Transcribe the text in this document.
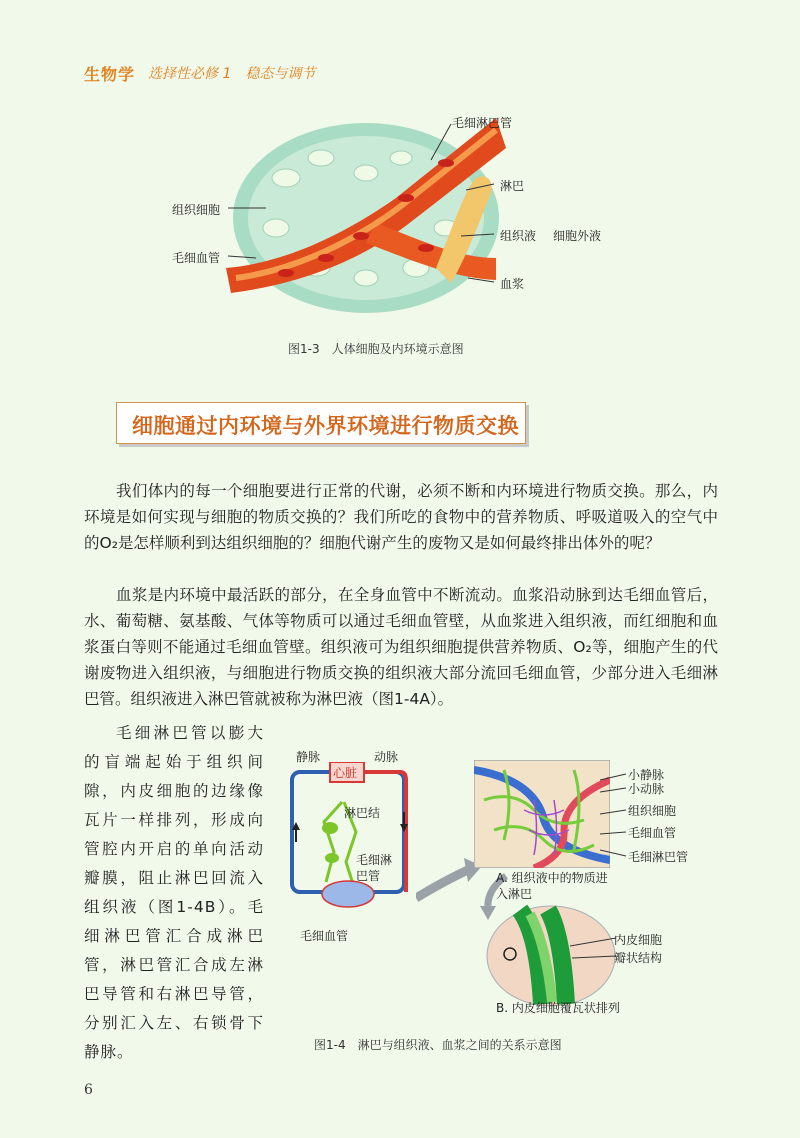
生物学 选择性必修 1　稳态与调节
毛细淋巴管
组织细胞
毛细血管
淋巴
组织液
血浆
细胞外液
图1-3　人体细胞及内环境示意图
细胞通过内环境与外界环境进行物质交换
我们体内的每一个细胞要进行正常的代谢，必须不断和内环境进行物质交换。那么，内环境是如何实现与细胞的物质交换的？我们所吃的食物中的营养物质、呼吸道吸入的空气中的O₂是怎样顺利到达组织细胞的？细胞代谢产生的废物又是如何最终排出体外的呢？
血浆是内环境中最活跃的部分，在全身血管中不断流动。血浆沿动脉到达毛细血管后，水、葡萄糖、氨基酸、气体等物质可以通过毛细血管壁，从血浆进入组织液，而红细胞和血浆蛋白等则不能通过毛细血管壁。组织液可为组织细胞提供营养物质、O₂等，细胞产生的代谢废物进入组织液，与细胞进行物质交换的组织液大部分流回毛细血管，少部分进入毛细淋巴管。组织液进入淋巴管就被称为淋巴液（图1-4A）。
毛细淋巴管以膨大的盲端起始于组织间隙，内皮细胞的边缘像瓦片一样排列，形成向管腔内开启的单向活动瓣膜，阻止淋巴回流入组织液（图1-4B）。毛细淋巴管汇合成淋巴管，淋巴管汇合成左淋巴导管和右淋巴导管，分别汇入左、右锁骨下静脉。
静脉	动脉
心脏
淋巴结
毛细淋巴管
毛细血管
小静脉
小动脉
组织细胞
毛细血管
毛细淋巴管
A. 组织液中的物质进入淋巴
内皮细胞
瓣状结构
B. 内皮细胞覆瓦状排列
图1-4　淋巴与组织液、血浆之间的关系示意图
6
